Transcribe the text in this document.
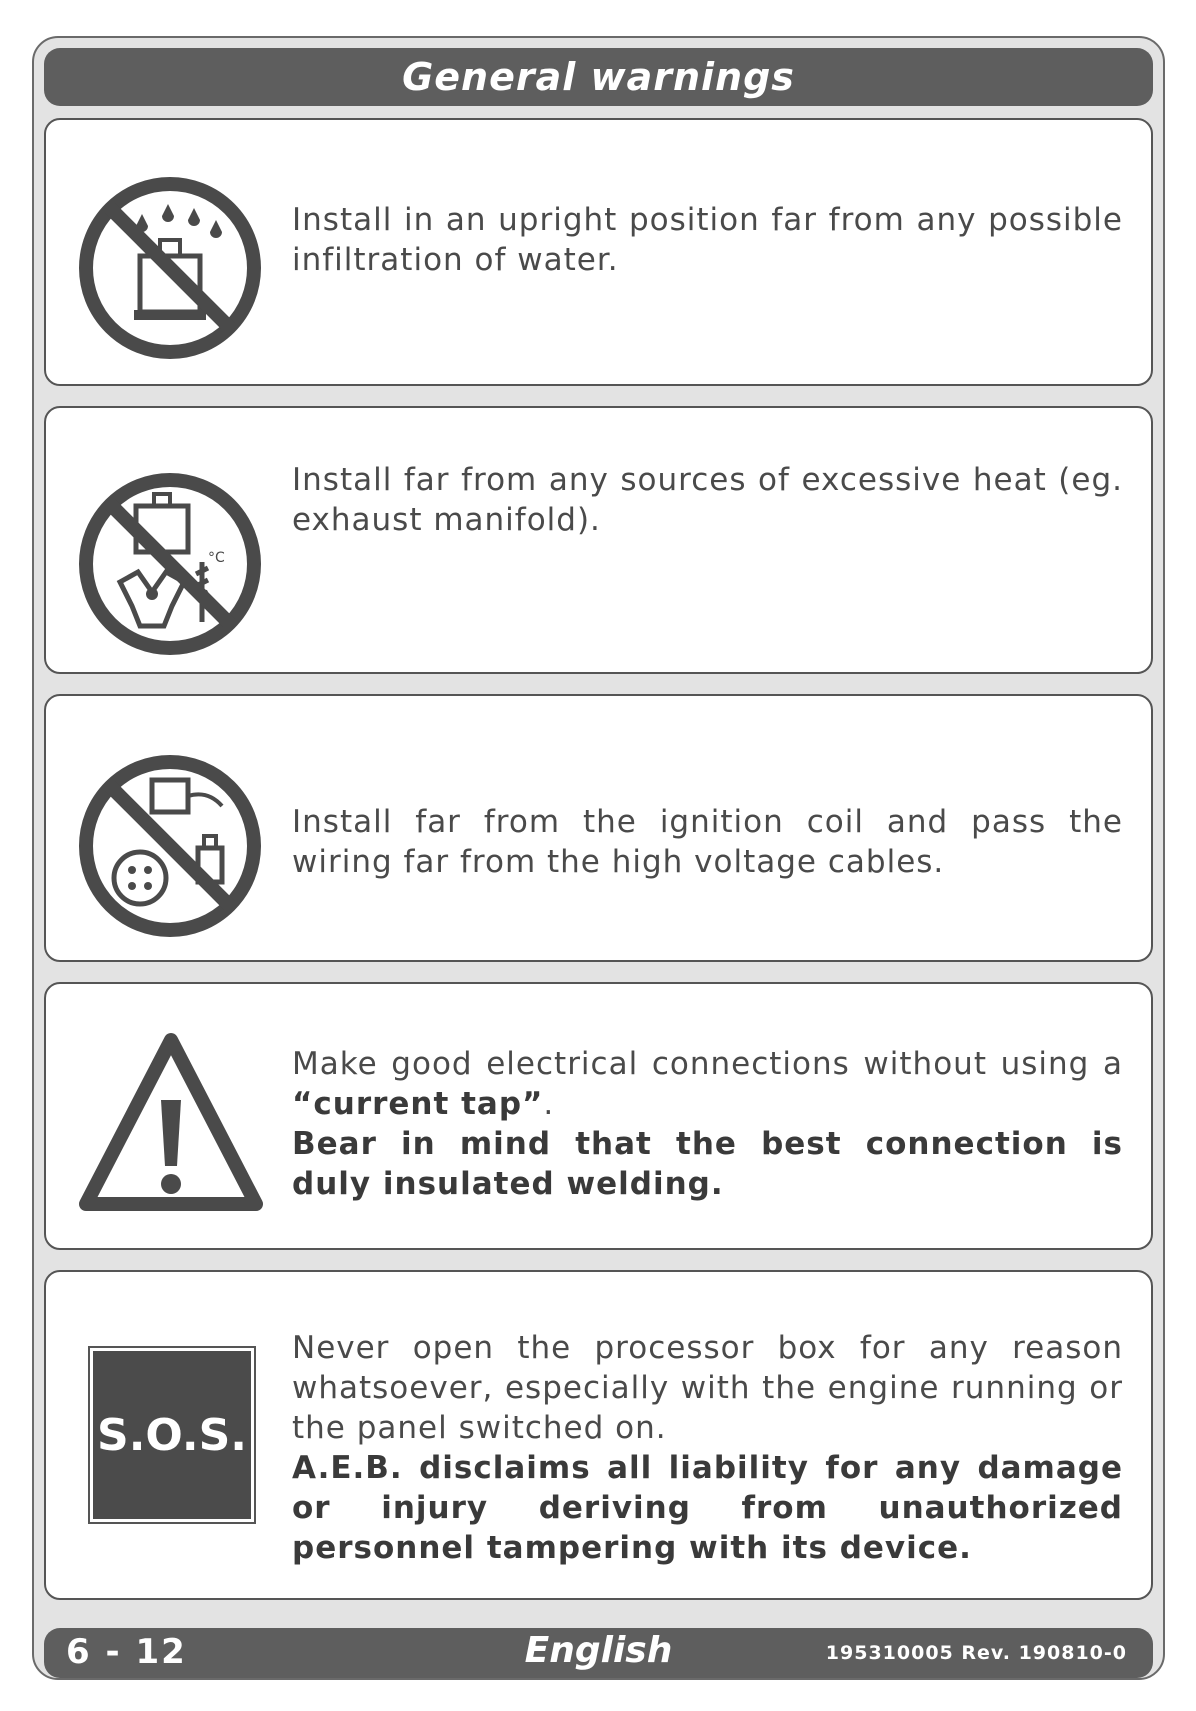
General warnings

Install in an upright position far from any possible infiltration of water.

°C

Install far from any sources of excessive heat (eg. exhaust manifold).

Install far from the ignition coil and pass the wiring far from the high voltage cables.

Make good electrical connections without using a “current tap”.

Bear in mind that the best connection is duly insulated welding.

S.O.S.

Never open the processor box for any reason whatsoever, especially with the engine running or the panel switched on.

A.E.B. disclaims all liability for any damage or injury deriving from unauthorized personnel tampering with its device.

6 - 12	English	195310005 Rev. 190810-0
